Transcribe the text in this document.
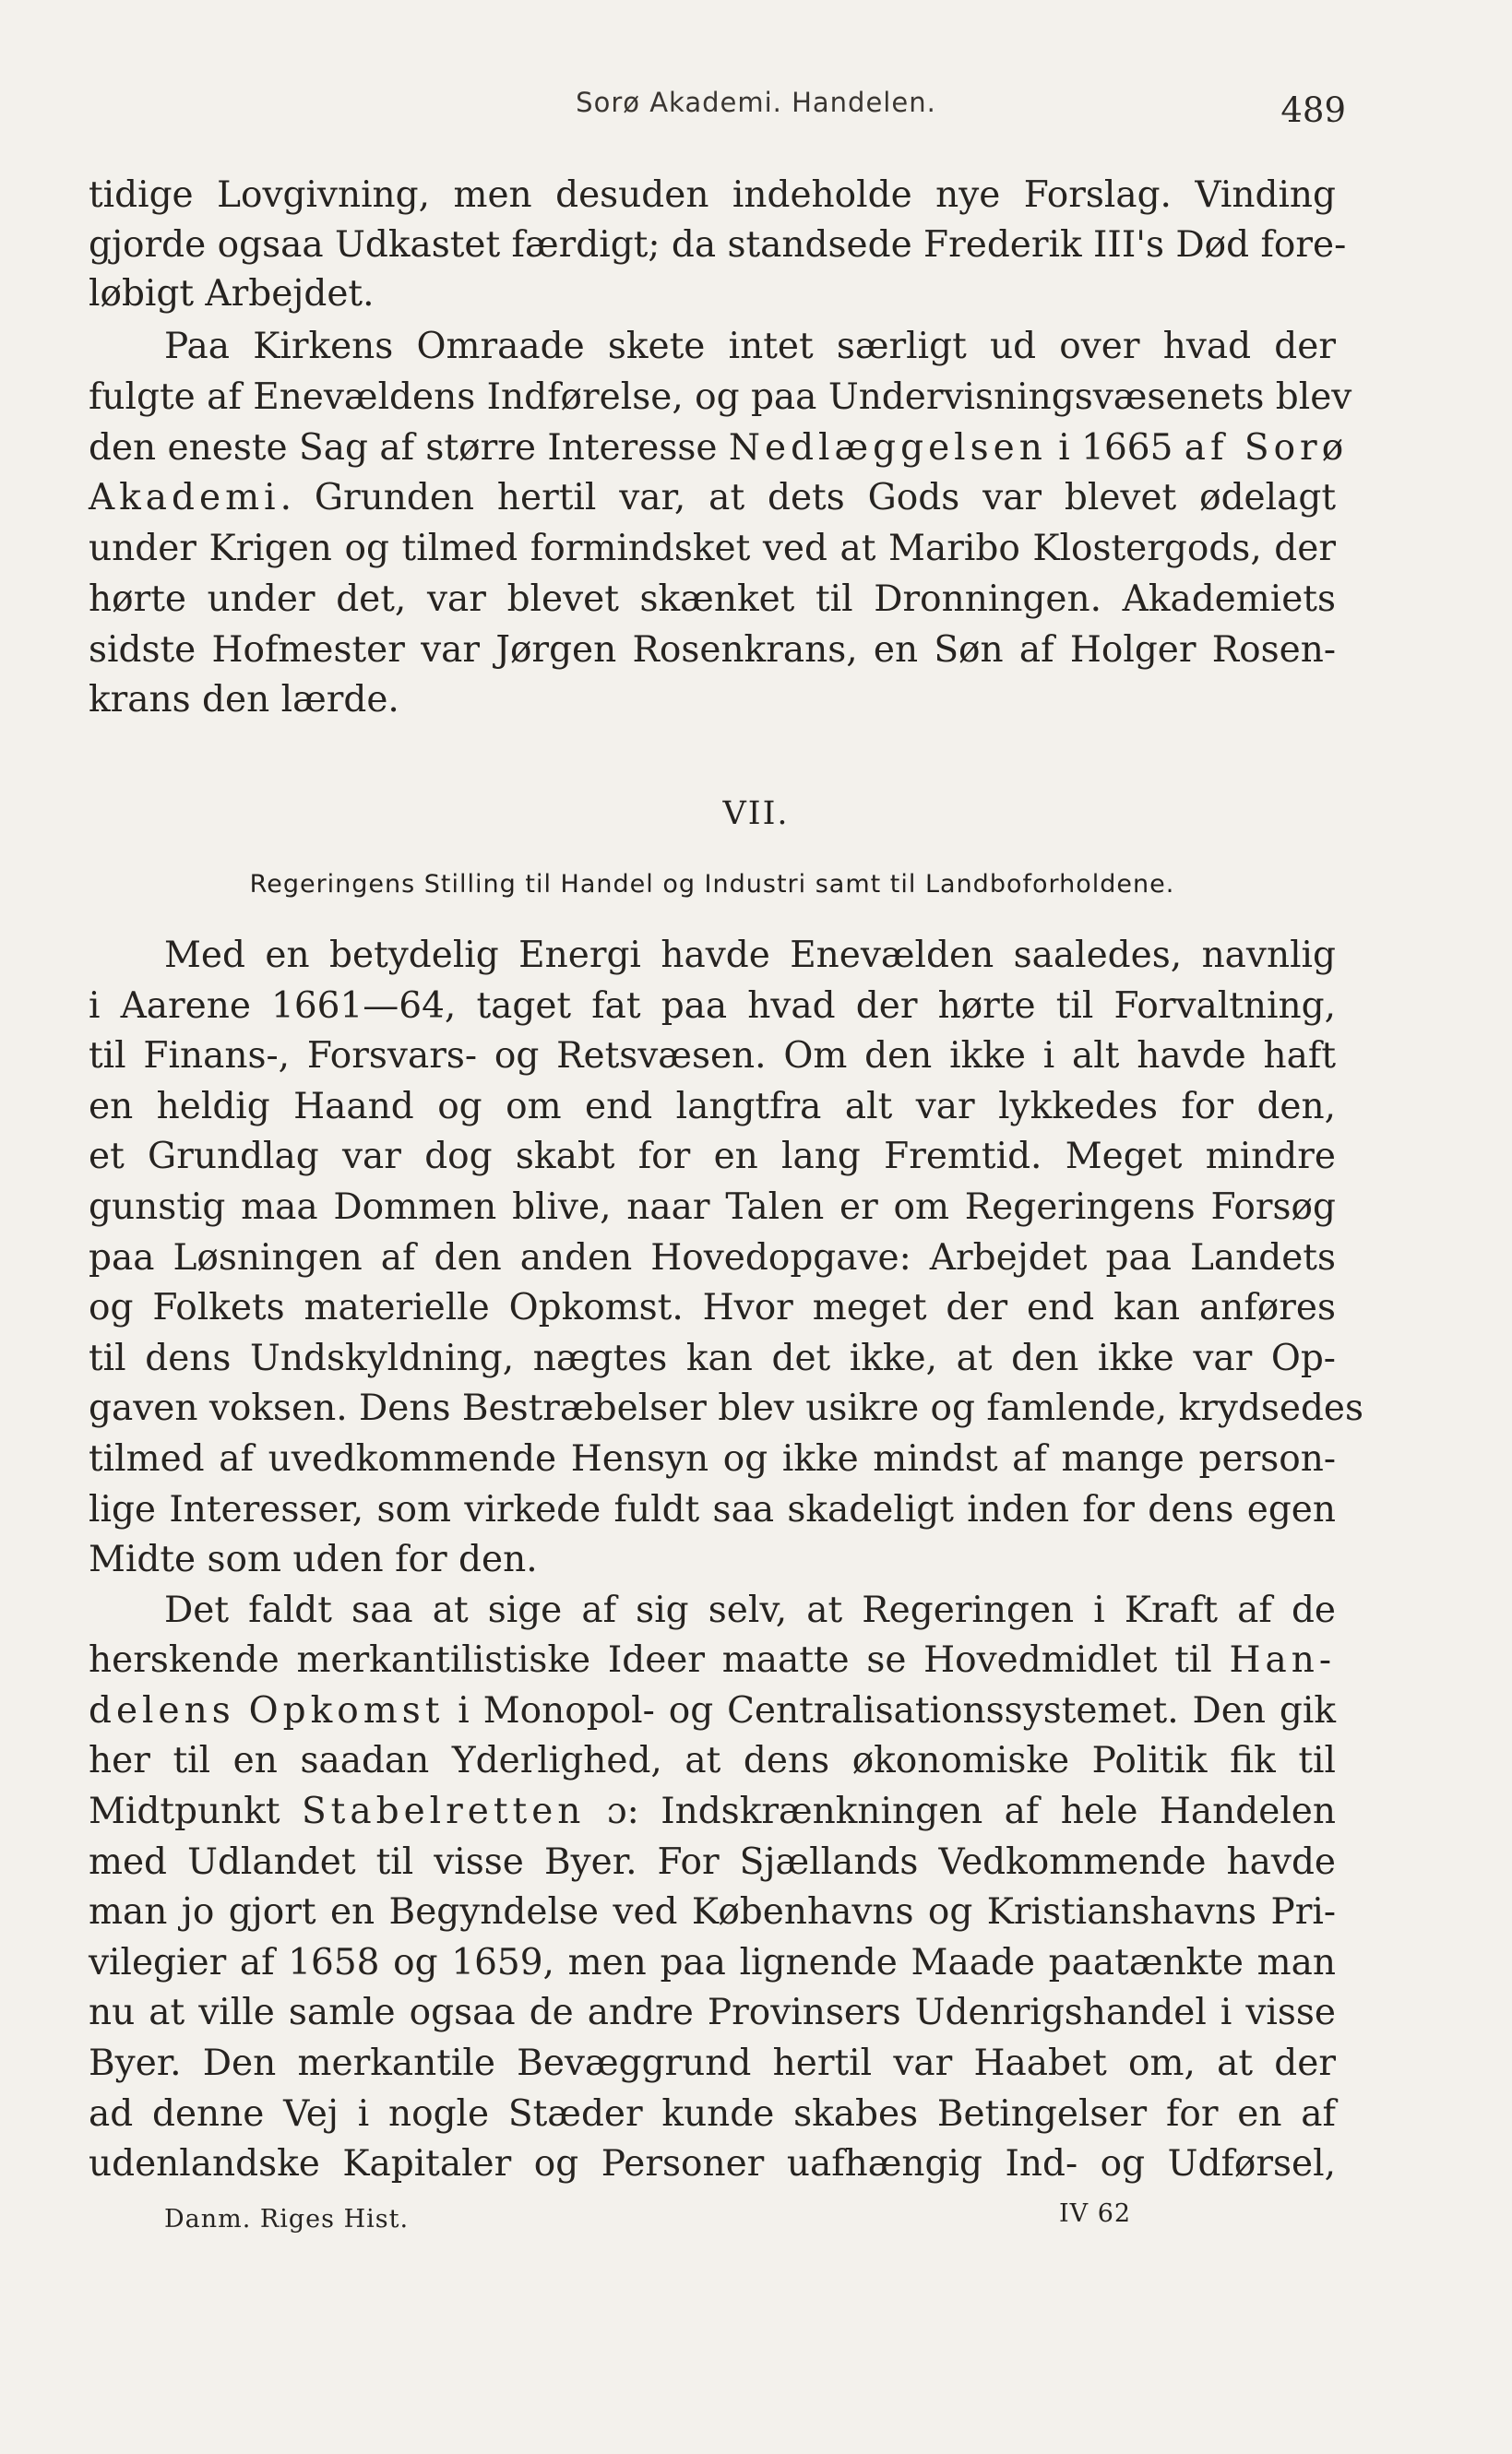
Sorø Akademi. Handelen.	489
tidige Lovgivning, men desuden indeholde nye Forslag. Vinding
gjorde ogsaa Udkastet færdigt; da standsede Frederik III's Død fore-
løbigt Arbejdet.
Paa Kirkens Omraade skete intet særligt ud over hvad der
fulgte af Enevældens Indførelse, og paa Undervisningsvæsenets blev
den eneste Sag af større Interesse Nedlæggelsen i 1665 af Sorø
Akademi. Grunden hertil var, at dets Gods var blevet ødelagt
under Krigen og tilmed formindsket ved at Maribo Klostergods, der
hørte under det, var blevet skænket til Dronningen. Akademiets
sidste Hofmester var Jørgen Rosenkrans, en Søn af Holger Rosen-
krans den lærde.
VII.
Regeringens Stilling til Handel og Industri samt til Landboforholdene.
Med en betydelig Energi havde Enevælden saaledes, navnlig
i Aarene 1661—64, taget fat paa hvad der hørte til Forvaltning,
til Finans-, Forsvars- og Retsvæsen. Om den ikke i alt havde haft
en heldig Haand og om end langtfra alt var lykkedes for den,
et Grundlag var dog skabt for en lang Fremtid. Meget mindre
gunstig maa Dommen blive, naar Talen er om Regeringens Forsøg
paa Løsningen af den anden Hovedopgave: Arbejdet paa Landets
og Folkets materielle Opkomst. Hvor meget der end kan anføres
til dens Undskyldning, nægtes kan det ikke, at den ikke var Op-
gaven voksen. Dens Bestræbelser blev usikre og famlende, krydsedes
tilmed af uvedkommende Hensyn og ikke mindst af mange person-
lige Interesser, som virkede fuldt saa skadeligt inden for dens egen
Midte som uden for den.
Det faldt saa at sige af sig selv, at Regeringen i Kraft af de
herskende merkantilistiske Ideer maatte se Hovedmidlet til Han-
delens Opkomst i Monopol- og Centralisationssystemet. Den gik
her til en saadan Yderlighed, at dens økonomiske Politik fik til
Midtpunkt Stabelretten ɔ: Indskrænkningen af hele Handelen
med Udlandet til visse Byer. For Sjællands Vedkommende havde
man jo gjort en Begyndelse ved Københavns og Kristianshavns Pri-
vilegier af 1658 og 1659, men paa lignende Maade paatænkte man
nu at ville samle ogsaa de andre Provinsers Udenrigshandel i visse
Byer. Den merkantile Bevæggrund hertil var Haabet om, at der
ad denne Vej i nogle Stæder kunde skabes Betingelser for en af
udenlandske Kapitaler og Personer uafhængig Ind- og Udførsel,
Danm. Riges Hist.	IV 62
